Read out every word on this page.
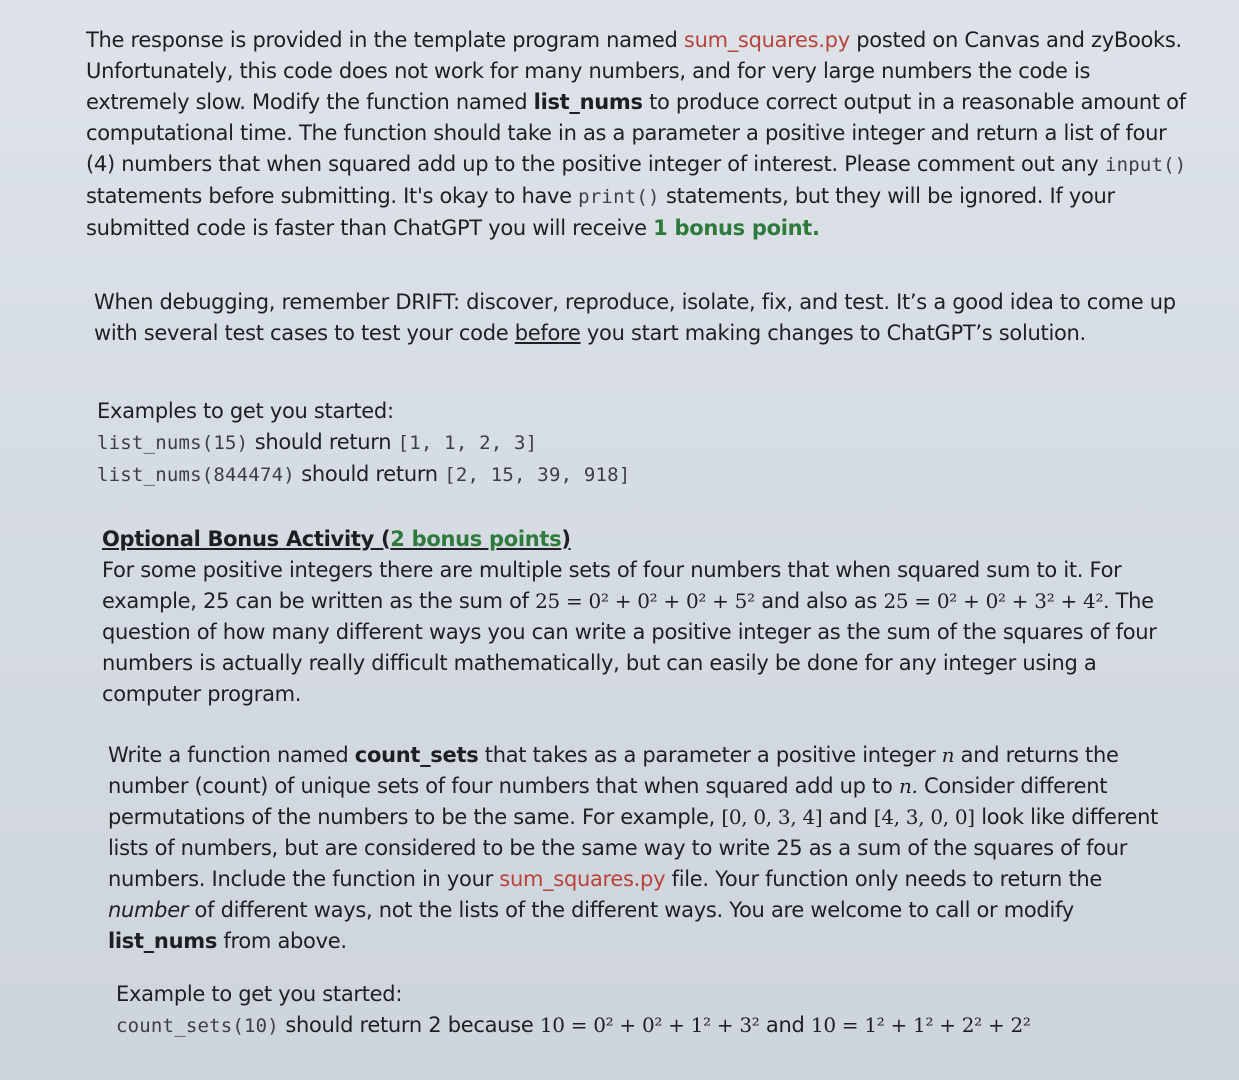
The response is provided in the template program named sum_squares.py posted on Canvas and zyBooks. Unfortunately, this code does not work for many numbers, and for very large numbers the code is extremely slow. Modify the function named list_nums to produce correct output in a reasonable amount of computational time. The function should take in as a parameter a positive integer and return a list of four (4) numbers that when squared add up to the positive integer of interest. Please comment out any input() statements before submitting. It's okay to have print() statements, but they will be ignored. If your submitted code is faster than ChatGPT you will receive 1 bonus point.

When debugging, remember DRIFT: discover, reproduce, isolate, fix, and test. It’s a good idea to come up with several test cases to test your code before you start making changes to ChatGPT’s solution.

Examples to get you started:

list_nums(15) should return [1, 1, 2, 3]

list_nums(844474) should return [2, 15, 39, 918]

Optional Bonus Activity (2 bonus points)

For some positive integers there are multiple sets of four numbers that when squared sum to it. For example, 25 can be written as the sum of 25 = 0² + 0² + 0² + 5² and also as 25 = 0² + 0² + 3² + 4². The question of how many different ways you can write a positive integer as the sum of the squares of four numbers is actually really difficult mathematically, but can easily be done for any integer using a computer program.

Write a function named count_sets that takes as a parameter a positive integer n and returns the number (count) of unique sets of four numbers that when squared add up to n. Consider different permutations of the numbers to be the same. For example, [0, 0, 3, 4] and [4, 3, 0, 0] look like different lists of numbers, but are considered to be the same way to write 25 as a sum of the squares of four numbers. Include the function in your sum_squares.py file. Your function only needs to return the number of different ways, not the lists of the different ways. You are welcome to call or modify list_nums from above.

Example to get you started:

count_sets(10) should return 2 because 10 = 0² + 0² + 1² + 3² and 10 = 1² + 1² + 2² + 2²
